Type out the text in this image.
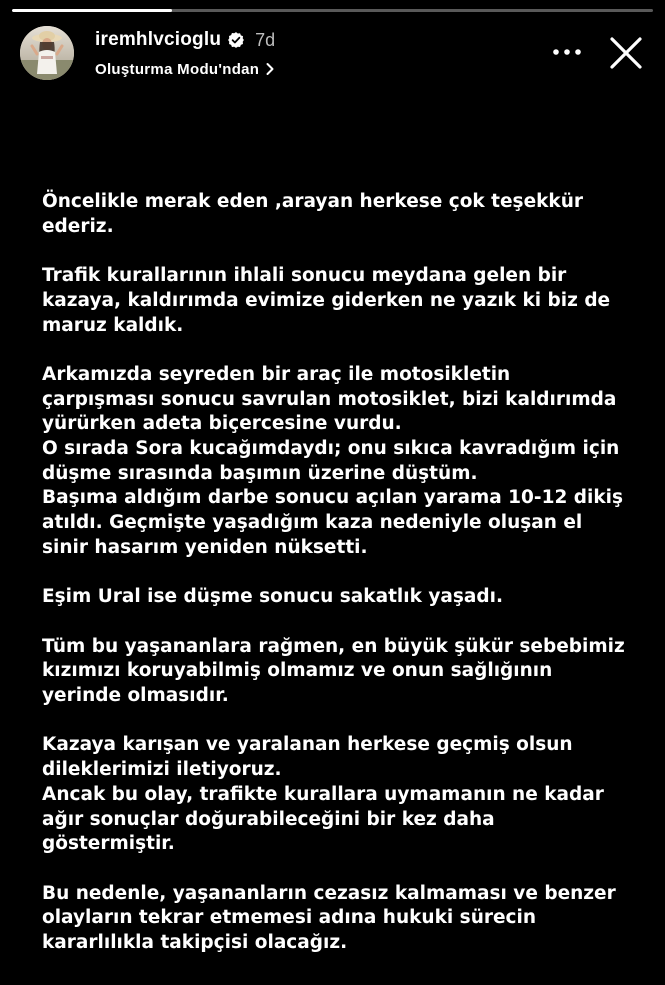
iremhlvcioglu 7d
Oluşturma Modu'ndan

Öncelikle merak eden ,arayan herkese çok teşekkür
ederiz.

Trafik kurallarının ihlali sonucu meydana gelen bir
kazaya, kaldırımda evimize giderken ne yazık ki biz de
maruz kaldık.

Arkamızda seyreden bir araç ile motosikletin
çarpışması sonucu savrulan motosiklet, bizi kaldırımda
yürürken adeta biçercesine vurdu.
O sırada Sora kucağımdaydı; onu sıkıca kavradığım için
düşme sırasında başımın üzerine düştüm.
Başıma aldığım darbe sonucu açılan yarama 10-12 dikiş
atıldı. Geçmişte yaşadığım kaza nedeniyle oluşan el
sinir hasarım yeniden nüksetti.

Eşim Ural ise düşme sonucu sakatlık yaşadı.

Tüm bu yaşananlara rağmen, en büyük şükür sebebimiz
kızımızı koruyabilmiş olmamız ve onun sağlığının
yerinde olmasıdır.

Kazaya karışan ve yaralanan herkese geçmiş olsun
dileklerimizi iletiyoruz.
Ancak bu olay, trafikte kurallara uymamanın ne kadar
ağır sonuçlar doğurabileceğini bir kez daha
göstermiştir.

Bu nedenle, yaşananların cezasız kalmaması ve benzer
olayların tekrar etmemesi adına hukuki sürecin
kararlılıkla takipçisi olacağız.
